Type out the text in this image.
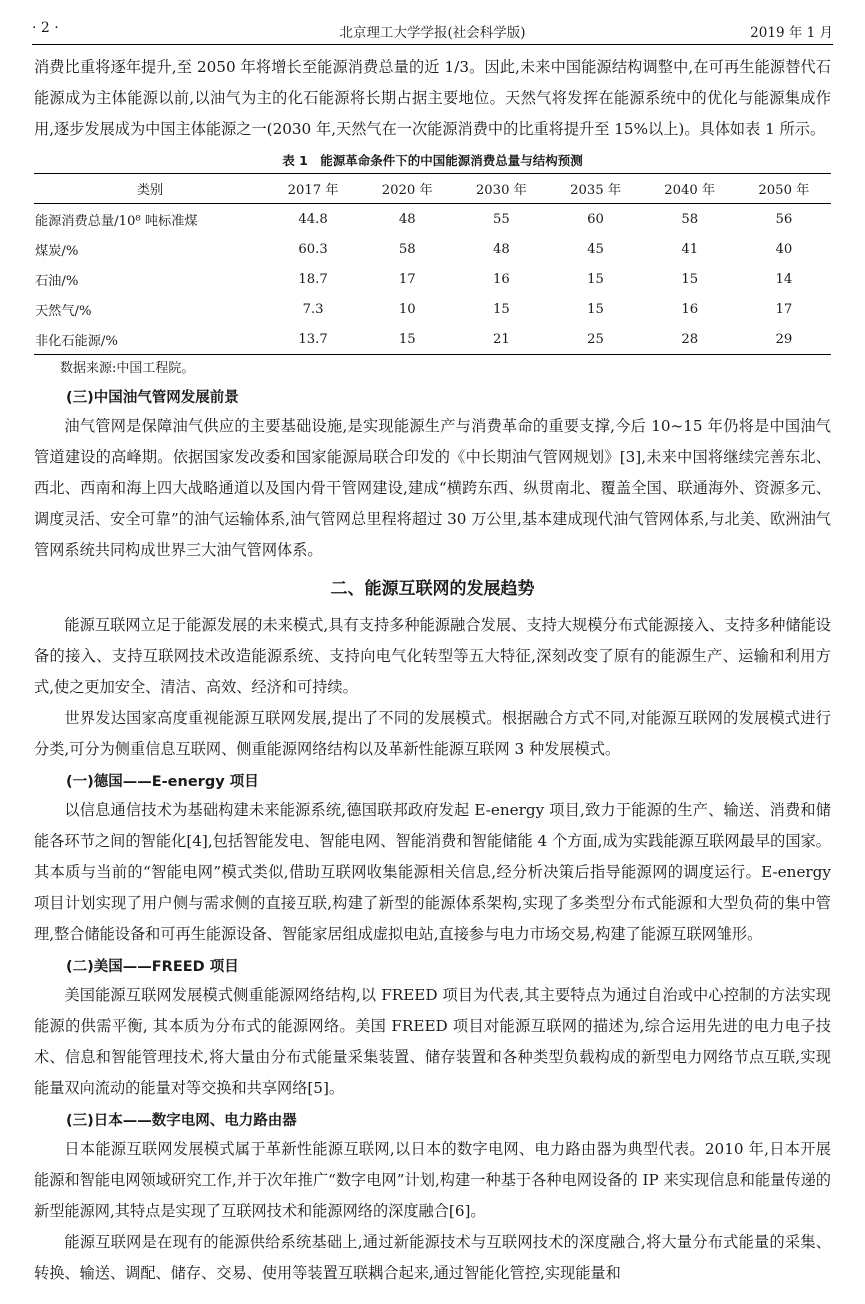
· 2 ·	北京理工大学学报(社会科学版)	2019 年 1 月

消费比重将逐年提升,至 2050 年将增长至能源消费总量的近 1/3。因此,未来中国能源结构调整中,在可再生能源替代石能源成为主体能源以前,以油气为主的化石能源将长期占据主要地位。天然气将发挥在能源系统中的优化与能源集成作用,逐步发展成为中国主体能源之一(2030 年,天然气在一次能源消费中的比重将提升至 15%以上)。具体如表 1 所示。

表 1　能源革命条件下的中国能源消费总量与结构预测
类别	2017 年	2020 年	2030 年	2035 年	2040 年	2050 年
能源消费总量/10⁸ 吨标准煤	44.8	48	55	60	58	56
煤炭/%	60.3	58	48	45	41	40
石油/%	18.7	17	16	15	15	14
天然气/%	7.3	10	15	15	16	17
非化石能源/%	13.7	15	21	25	28	29
数据来源:中国工程院。
(三)中国油气管网发展前景

油气管网是保障油气供应的主要基础设施,是实现能源生产与消费革命的重要支撑,今后 10~15 年仍将是中国油气管道建设的高峰期。依据国家发改委和国家能源局联合印发的《中长期油气管网规划》[3],未来中国将继续完善东北、西北、西南和海上四大战略通道以及国内骨干管网建设,建成“横跨东西、纵贯南北、覆盖全国、联通海外、资源多元、调度灵活、安全可靠”的油气运输体系,油气管网总里程将超过 30 万公里,基本建成现代油气管网体系,与北美、欧洲油气管网系统共同构成世界三大油气管网体系。

二、能源互联网的发展趋势

能源互联网立足于能源发展的未来模式,具有支持多种能源融合发展、支持大规模分布式能源接入、支持多种储能设备的接入、支持互联网技术改造能源系统、支持向电气化转型等五大特征,深刻改变了原有的能源生产、运输和利用方式,使之更加安全、清洁、高效、经济和可持续。

世界发达国家高度重视能源互联网发展,提出了不同的发展模式。根据融合方式不同,对能源互联网的发展模式进行分类,可分为侧重信息互联网、侧重能源网络结构以及革新性能源互联网 3 种发展模式。

(一)德国——E-energy 项目

以信息通信技术为基础构建未来能源系统,德国联邦政府发起 E-energy 项目,致力于能源的生产、输送、消费和储能各环节之间的智能化[4],包括智能发电、智能电网、智能消费和智能储能 4 个方面,成为实践能源互联网最早的国家。其本质与当前的“智能电网”模式类似,借助互联网收集能源相关信息,经分析决策后指导能源网的调度运行。E-energy 项目计划实现了用户侧与需求侧的直接互联,构建了新型的能源体系架构,实现了多类型分布式能源和大型负荷的集中管理,整合储能设备和可再生能源设备、智能家居组成虚拟电站,直接参与电力市场交易,构建了能源互联网雏形。

(二)美国——FREED 项目

美国能源互联网发展模式侧重能源网络结构,以 FREED 项目为代表,其主要特点为通过自治或中心控制的方法实现能源的供需平衡, 其本质为分布式的能源网络。美国 FREED 项目对能源互联网的描述为,综合运用先进的电力电子技术、信息和智能管理技术,将大量由分布式能量采集装置、储存装置和各种类型负载构成的新型电力网络节点互联,实现能量双向流动的能量对等交换和共享网络[5]。

(三)日本——数字电网、电力路由器

日本能源互联网发展模式属于革新性能源互联网,以日本的数字电网、电力路由器为典型代表。2010 年,日本开展能源和智能电网领域研究工作,并于次年推广“数字电网”计划,构建一种基于各种电网设备的 IP 来实现信息和能量传递的新型能源网,其特点是实现了互联网技术和能源网络的深度融合[6]。

能源互联网是在现有的能源供给系统基础上,通过新能源技术与互联网技术的深度融合,将大量分布式能量的采集、转换、输送、调配、储存、交易、使用等装置互联耦合起来,通过智能化管控,实现能量和
